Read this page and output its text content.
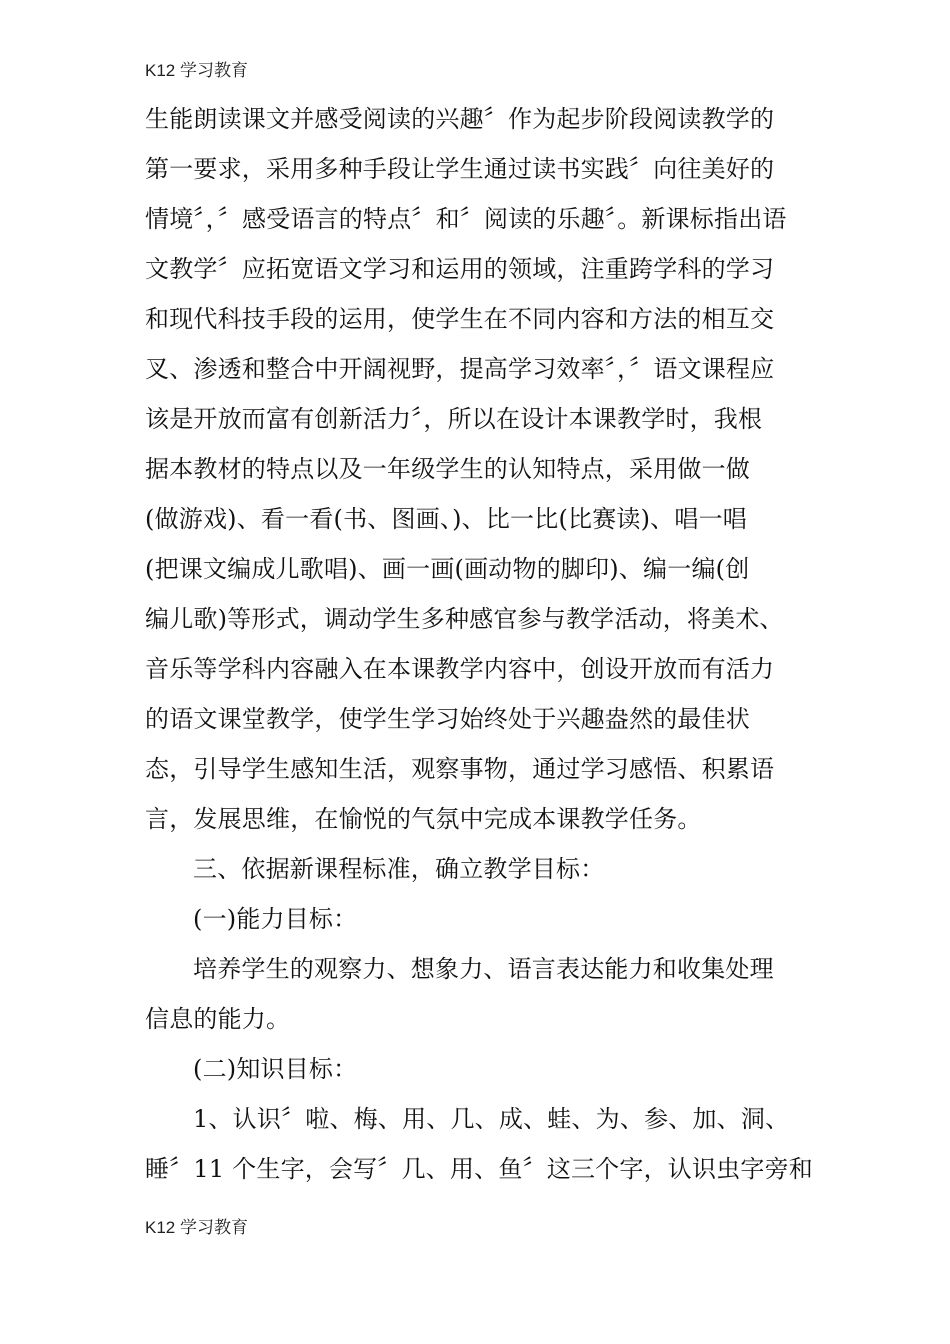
K12 学习教育
生能朗读课文并感受阅读的兴趣〞作为起步阶段阅读教学的
第一要求，采用多种手段让学生通过读书实践〞向往美好的
情境〞，〞感受语言的特点〞和〞阅读的乐趣〞。新课标指出语
文教学〞应拓宽语文学习和运用的领域，注重跨学科的学习
和现代科技手段的运用，使学生在不同内容和方法的相互交
叉、渗透和整合中开阔视野，提高学习效率〞，〞语文课程应
该是开放而富有创新活力〞，所以在设计本课教学时，我根
据本教材的特点以及一年级学生的认知特点，采用做一做
(做游戏)、看一看(书、图画、)、比一比(比赛读)、唱一唱
(把课文编成儿歌唱)、画一画(画动物的脚印)、编一编(创
编儿歌)等形式，调动学生多种感官参与教学活动，将美术、
音乐等学科内容融入在本课教学内容中，创设开放而有活力
的语文课堂教学，使学生学习始终处于兴趣盎然的最佳状
态，引导学生感知生活，观察事物，通过学习感悟、积累语
言，发展思维，在愉悦的气氛中完成本课教学任务。
三、依据新课程标准，确立教学目标：
(一)能力目标：
培养学生的观察力、想象力、语言表达能力和收集处理
信息的能力。
(二)知识目标：
1、认识〞啦、梅、用、几、成、蛙、为、参、加、洞、
睡〞11 个生字，会写〞几、用、鱼〞这三个字，认识虫字旁和
K12 学习教育
